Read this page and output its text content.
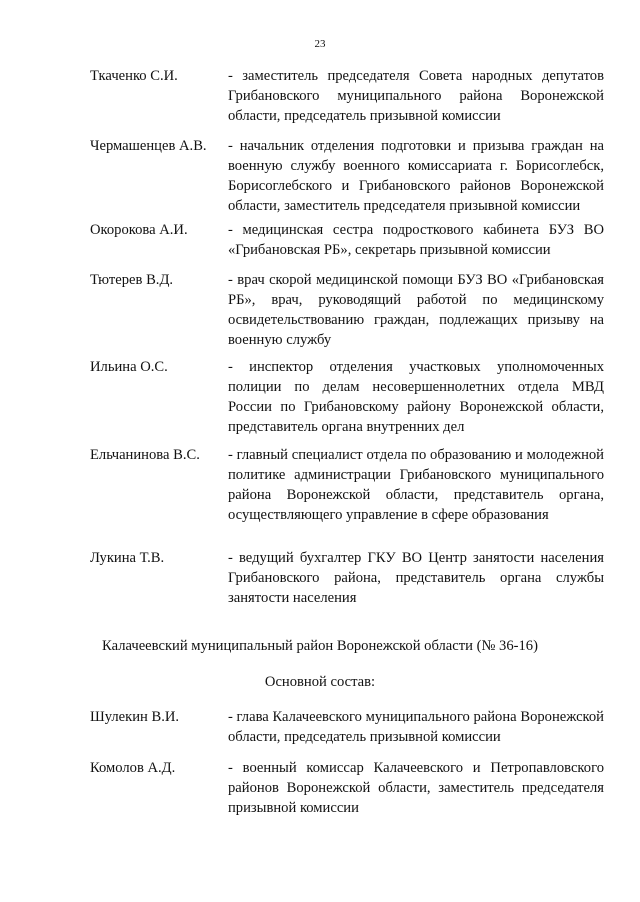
23
Ткаченко С.И.	- заместитель председателя Совета народных депутатов Грибановского муниципального района Воронежской области, председатель призывной комиссии
Чермашенцев А.В. - начальник отделения подготовки и призыва граждан на военную службу военного комиссариата г. Борисоглебск, Борисоглебского и Грибановского районов Воронежской области, заместитель председателя призывной комиссии
Окорокова А.И.	- медицинская сестра подросткового кабинета БУЗ ВО «Грибановская РБ», секретарь призывной комиссии
Тютерев В.Д.	- врач скорой медицинской помощи БУЗ ВО «Грибановская РБ», врач, руководящий работой по медицинскому освидетельствованию граждан, подлежащих призыву на военную службу
Ильина О.С.	- инспектор отделения участковых уполномоченных полиции по делам несовершеннолетних отдела МВД России по Грибановскому району Воронежской области, представитель органа внутренних дел
Ельчанинова В.С. - главный специалист отдела по образованию и молодежной политике администрации Грибановского муниципального района Воронежской области, представитель органа, осуществляющего управление в сфере образования
Лукина Т.В.	- ведущий бухгалтер ГКУ ВО Центр занятости населения Грибановского района, представитель органа службы занятости населения
Калачеевский муниципальный район Воронежской области (№ 36-16)
Основной состав:
Шулекин В.И.	- глава Калачеевского муниципального района Воронежской области, председатель призывной комиссии
Комолов А.Д.	- военный комиссар Калачеевского и Петропавловского районов Воронежской области, заместитель председателя призывной комиссии
